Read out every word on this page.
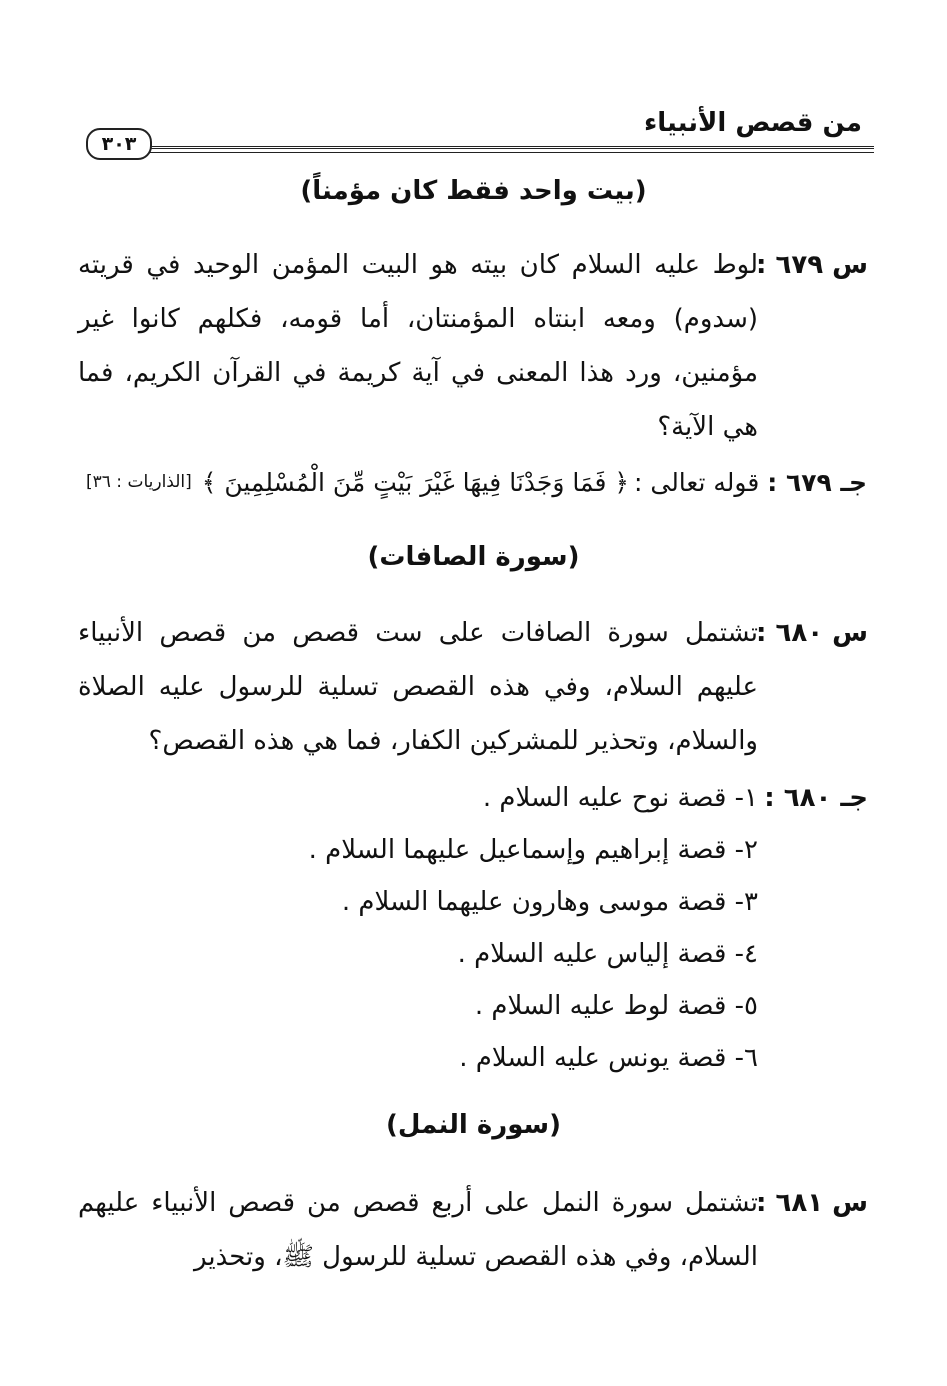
من قصص الأنبياء
٣٠٣
(بيت واحد فقط كان مؤمناً)
س ٦٧٩ :
لوط عليه السلام كان بيته هو البيت المؤمن الوحيد في قريته (سدوم) ومعه ابنتاه المؤمنتان، أما قومه، فكلهم كانوا غير مؤمنين، ورد هذا المعنى في آية كريمة في القرآن الكريم، فما هي الآية؟
جـ ٦٧٩ : قوله تعالى :
﴿ فَمَا وَجَدْنَا فِيهَا غَيْرَ بَيْتٍ مِّنَ الْمُسْلِمِينَ ﴾
[الذاريات : ٣٦]
(سورة الصافات)
س ٦٨٠ :
تشتمل سورة الصافات على ست قصص من قصص الأنبياء عليهم السلام، وفي هذه القصص تسلية للرسول عليه الصلاة والسلام، وتحذير للمشركين الكفار، فما هي هذه القصص؟
جـ ٦٨٠ :
١- قصة نوح عليه السلام .
٢- قصة إبراهيم وإسماعيل عليهما السلام .
٣- قصة موسى وهارون عليهما السلام .
٤- قصة إلياس عليه السلام .
٥- قصة لوط عليه السلام .
٦- قصة يونس عليه السلام .
(سورة النمل)
س ٦٨١ :
تشتمل سورة النمل على أربع قصص من قصص الأنبياء عليهم السلام، وفي هذه القصص تسلية للرسول ﷺ، وتحذير
